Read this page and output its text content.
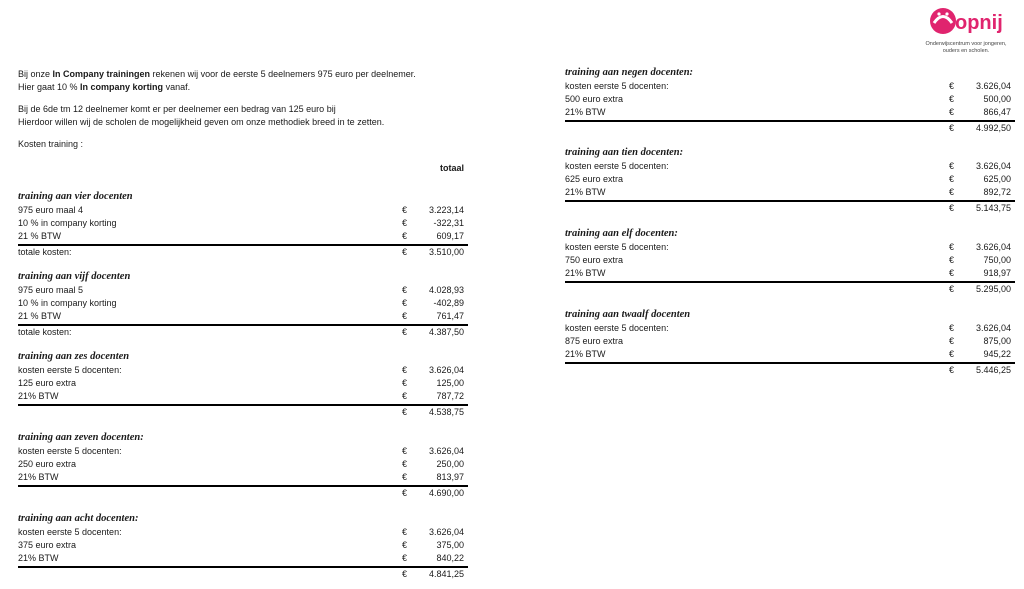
opnij
Onderwijscentrum voor jongeren, ouders en scholen.

Bij onze In Company trainingen rekenen wij voor de eerste 5 deelnemers 975 euro per deelnemer.

Hier gaat 10 % In company korting vanaf.

Bij de 6de tm 12 deelnemer komt er per deelnemer een bedrag van 125 euro bij

Hierdoor willen wij de scholen de mogelijkheid geven om onze methodiek breed in te zetten.

Kosten training :

totaal
training aan vier docenten
975 euro maal 4	€	3.223,14
10 % in company korting	€	-322,31
21 % BTW	€	609,17
totale kosten:	€	3.510,00
training aan vijf docenten
975 euro maal 5	€	4.028,93
10 % in company korting	€	-402,89
21 % BTW	€	761,47
totale kosten:	€	4.387,50
training aan zes docenten
kosten eerste 5 docenten:	€	3.626,04
125 euro extra	€	125,00
21% BTW	€	787,72
€	4.538,75
training aan zeven docenten:
kosten eerste 5 docenten:	€	3.626,04
250 euro extra	€	250,00
21% BTW	€	813,97
€	4.690,00
training aan acht docenten:
kosten eerste 5 docenten:	€	3.626,04
375 euro extra	€	375,00
21% BTW	€	840,22
€	4.841,25
training aan negen docenten:
kosten eerste 5 docenten:	€	3.626,04
500 euro extra	€	500,00
21% BTW	€	866,47
€	4.992,50
training aan tien docenten:
kosten eerste 5 docenten:	€	3.626,04
625 euro extra	€	625,00
21% BTW	€	892,72
€	5.143,75
training aan elf docenten:
kosten eerste 5 docenten:	€	3.626,04
750 euro extra	€	750,00
21% BTW	€	918,97
€	5.295,00
training aan twaalf docenten
kosten eerste 5 docenten:	€	3.626,04
875 euro extra	€	875,00
21% BTW	€	945,22
€	5.446,25
